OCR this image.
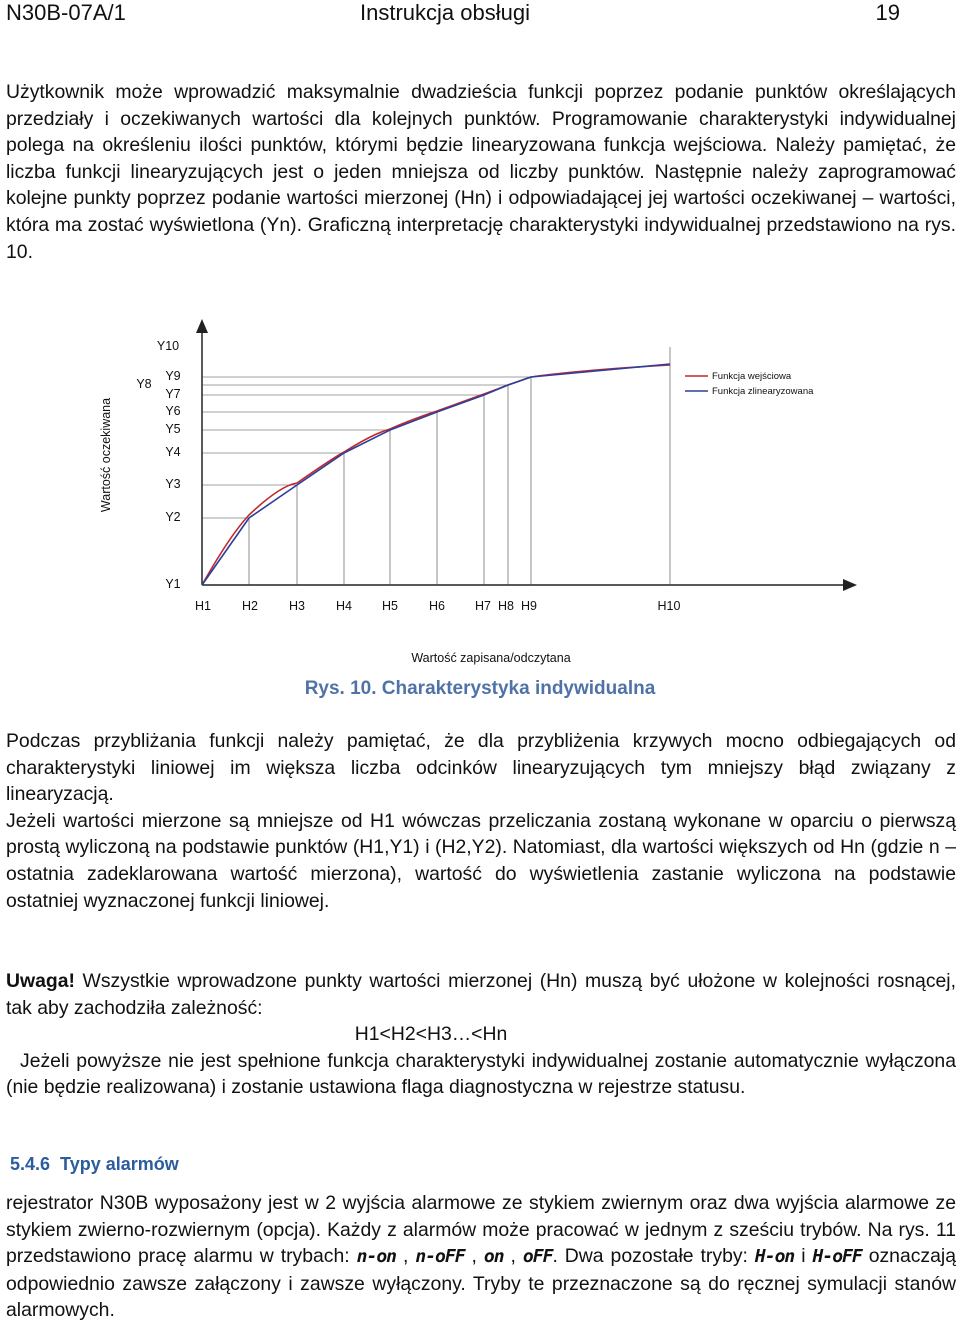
N30B-07A/1	Instrukcja obsługi	19

Użytkownik może wprowadzić maksymalnie dwadzieścia funkcji poprzez podanie punktów określających przedziały i oczekiwanych wartości dla kolejnych punktów. Programowanie charakterystyki indywidualnej polega na określeniu ilości punktów, którymi będzie linearyzowana funkcja wejściowa. Należy pamiętać, że liczba funkcji linearyzujących jest o jeden mniejsza od liczby punktów. Następnie należy zaprogramować kolejne punkty poprzez podanie wartości mierzonej (Hn) i odpowiadającej jej wartości oczekiwanej – wartości, która ma zostać wyświetlona (Yn). Graficzną interpretację charakterystyki indywidualnej przedstawiono na rys. 10.

H1 H2 H3 H4 H5 H6 H7 H8 H9	H10
Y1
Y2
Y3
Y4
Y5
Y6
Y7
Y8
Y9
Y10
Wartość oczekiwana
Wartość zapisana/odczytana
Funkcja wejściowa
Funkcja zlinearyzowana
Rys. 10. Charakterystyka indywidualna
Podczas przybliżania funkcji należy pamiętać, że dla przybliżenia krzywych mocno odbiegających od charakterystyki liniowej im większa liczba odcinków linearyzujących tym mniejszy błąd związany z linearyzacją.
Jeżeli wartości mierzone są mniejsze od H1 wówczas przeliczania zostaną wykonane w oparciu o pierwszą prostą wyliczoną na podstawie punktów (H1,Y1) i (H2,Y2). Natomiast, dla wartości większych od Hn (gdzie n – ostatnia zadeklarowana wartość mierzona), wartość do wyświetlenia zastanie wyliczona na podstawie ostatniej wyznaczonej funkcji liniowej.
Uwaga! Wszystkie wprowadzone punkty wartości mierzonej (Hn) muszą być ułożone w kolejności rosnącej, tak aby zachodziła zależność:
H1<H2<H3…<Hn
Jeżeli powyższe nie jest spełnione funkcja charakterystyki indywidualnej zostanie automatycznie wyłączona (nie będzie realizowana) i zostanie ustawiona flaga diagnostyczna w rejestrze statusu.
5.4.6 Typy alarmów

rejestrator N30B wyposażony jest w 2 wyjścia alarmowe ze stykiem zwiernym oraz dwa wyjścia alarmowe ze stykiem zwierno-rozwiernym (opcja). Każdy z alarmów może pracować w jednym z sześciu trybów. Na rys. 11 przedstawiono pracę alarmu w trybach: n-on , n-oFF , on , oFF. Dwa pozostałe tryby: H-on i H-oFF oznaczają odpowiednio zawsze załączony i zawsze wyłączony. Tryby te przeznaczone są do ręcznej symulacji stanów alarmowych.
